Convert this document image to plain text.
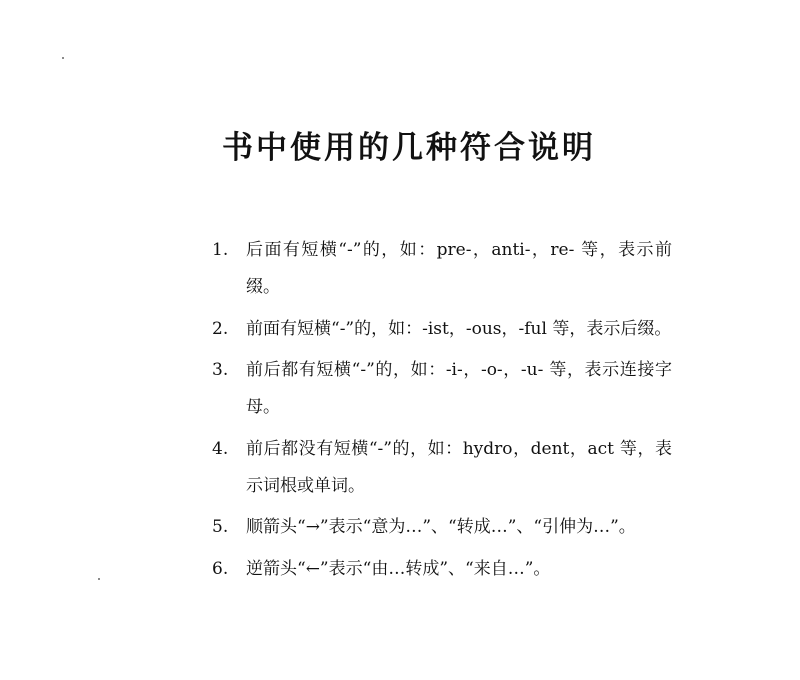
书中使用的几种符合说明
1. 后面有短横“-”的，如：pre-，anti-，re- 等，表示前缀。
2. 前面有短横“-”的，如：-ist，-ous，-ful 等，表示后缀。
3. 前后都有短横“-”的，如：-i-，-o-，-u- 等，表示连接字母。
4. 前后都没有短横“-”的，如：hydro，dent，act 等，表示词根或单词。
5. 顺箭头“→”表示“意为…”、“转成…”、“引伸为…”。
6. 逆箭头“←”表示“由…转成”、“来自…”。
